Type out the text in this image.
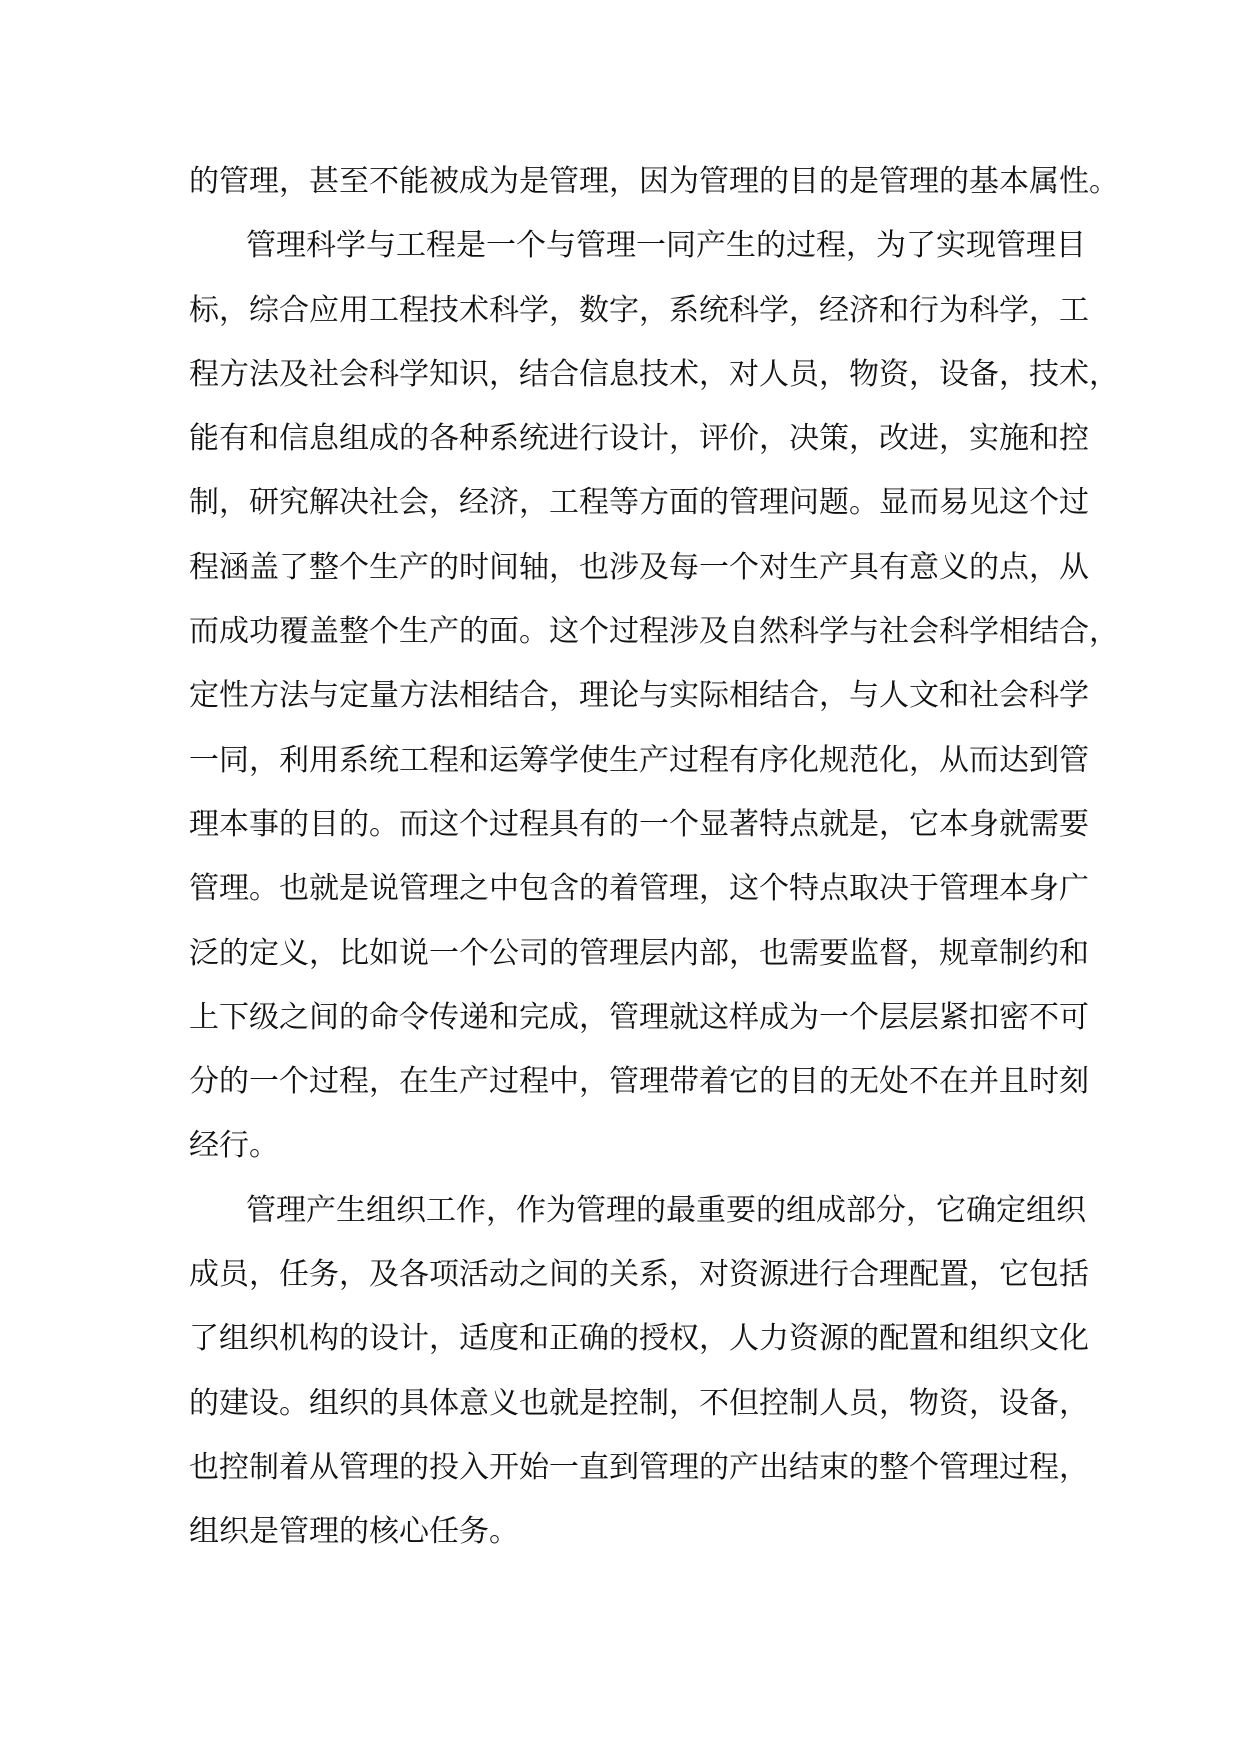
的管理，甚至不能被成为是管理，因为管理的目的是管理的基本属性。
管理科学与工程是一个与管理一同产生的过程，为了实现管理目
标，综合应用工程技术科学，数字，系统科学，经济和行为科学，工
程方法及社会科学知识，结合信息技术，对人员，物资，设备，技术，
能有和信息组成的各种系统进行设计，评价，决策，改进，实施和控
制，研究解决社会，经济，工程等方面的管理问题。显而易见这个过
程涵盖了整个生产的时间轴，也涉及每一个对生产具有意义的点，从
而成功覆盖整个生产的面。这个过程涉及自然科学与社会科学相结合，
定性方法与定量方法相结合，理论与实际相结合，与人文和社会科学
一同，利用系统工程和运筹学使生产过程有序化规范化，从而达到管
理本事的目的。而这个过程具有的一个显著特点就是，它本身就需要
管理。也就是说管理之中包含的着管理，这个特点取决于管理本身广
泛的定义，比如说一个公司的管理层内部，也需要监督，规章制约和
上下级之间的命令传递和完成，管理就这样成为一个层层紧扣密不可
分的一个过程，在生产过程中，管理带着它的目的无处不在并且时刻
经行。
管理产生组织工作，作为管理的最重要的组成部分，它确定组织
成员，任务，及各项活动之间的关系，对资源进行合理配置，它包括
了组织机构的设计，适度和正确的授权，人力资源的配置和组织文化
的建设。组织的具体意义也就是控制，不但控制人员，物资，设备，
也控制着从管理的投入开始一直到管理的产出结束的整个管理过程，
组织是管理的核心任务。
